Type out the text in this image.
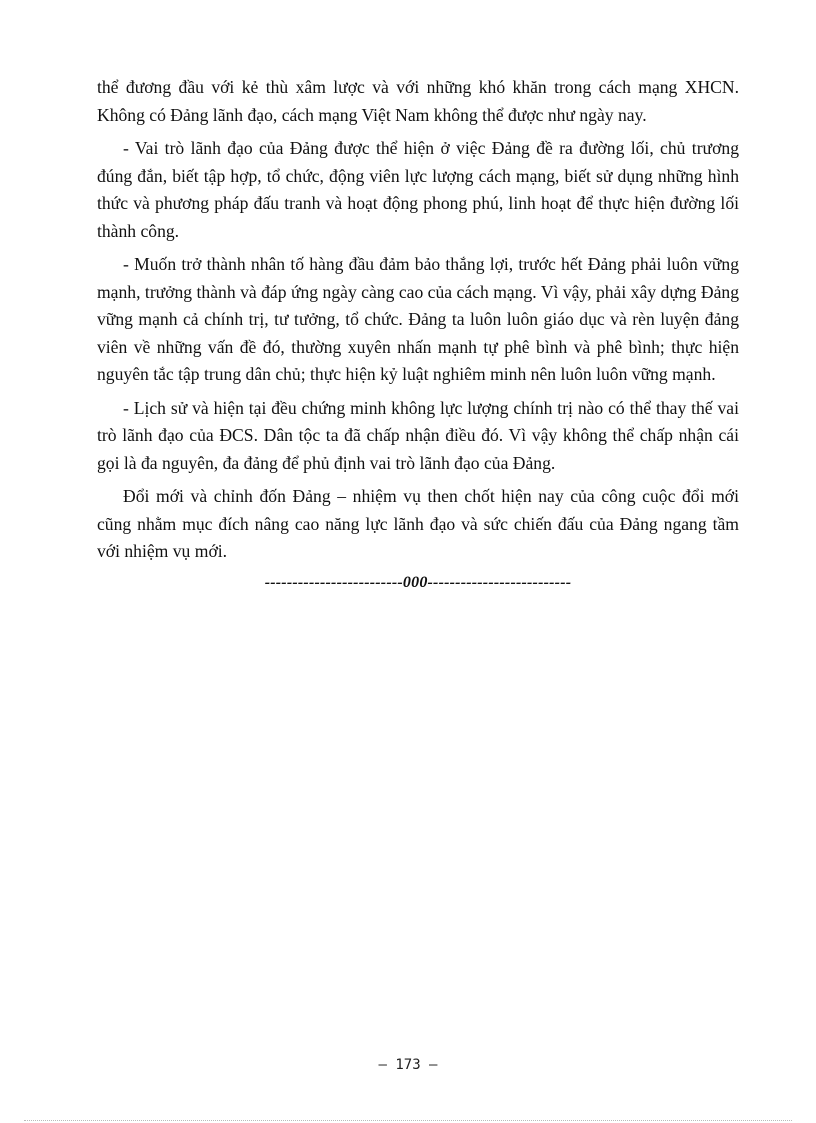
thể đương đầu với kẻ thù xâm lược và với những khó khăn trong cách mạng XHCN. Không có Đảng lãnh đạo, cách mạng Việt Nam không thể được như ngày nay.

- Vai trò lãnh đạo của Đảng được thể hiện ở việc Đảng đề ra đường lối, chủ trương đúng đắn, biết tập hợp, tổ chức, động viên lực lượng cách mạng, biết sử dụng những hình thức và phương pháp đấu tranh và hoạt động phong phú, linh hoạt để thực hiện đường lối thành công.

- Muốn trở thành nhân tố hàng đầu đảm bảo thắng lợi, trước hết Đảng phải luôn vững mạnh, trưởng thành và đáp ứng ngày càng cao của cách mạng. Vì vậy, phải xây dựng Đảng vững mạnh cả chính trị, tư tưởng, tổ chức. Đảng ta luôn luôn giáo dục và rèn luyện đảng viên về những vấn đề đó, thường xuyên nhấn mạnh tự phê bình và phê bình; thực hiện nguyên tắc tập trung dân chủ; thực hiện kỷ luật nghiêm minh nên luôn luôn vững mạnh.

- Lịch sử và hiện tại đều chứng minh không lực lượng chính trị nào có thể thay thế vai trò lãnh đạo của ĐCS. Dân tộc ta đã chấp nhận điều đó. Vì vậy không thể chấp nhận cái gọi là đa nguyên, đa đảng để phủ định vai trò lãnh đạo của Đảng.

Đổi mới và chỉnh đốn Đảng – nhiệm vụ then chốt hiện nay của công cuộc đổi mới cũng nhằm mục đích nâng cao năng lực lãnh đạo và sức chiến đấu của Đảng ngang tầm với nhiệm vụ mới.

-------------------------000--------------------------
– 173 –
